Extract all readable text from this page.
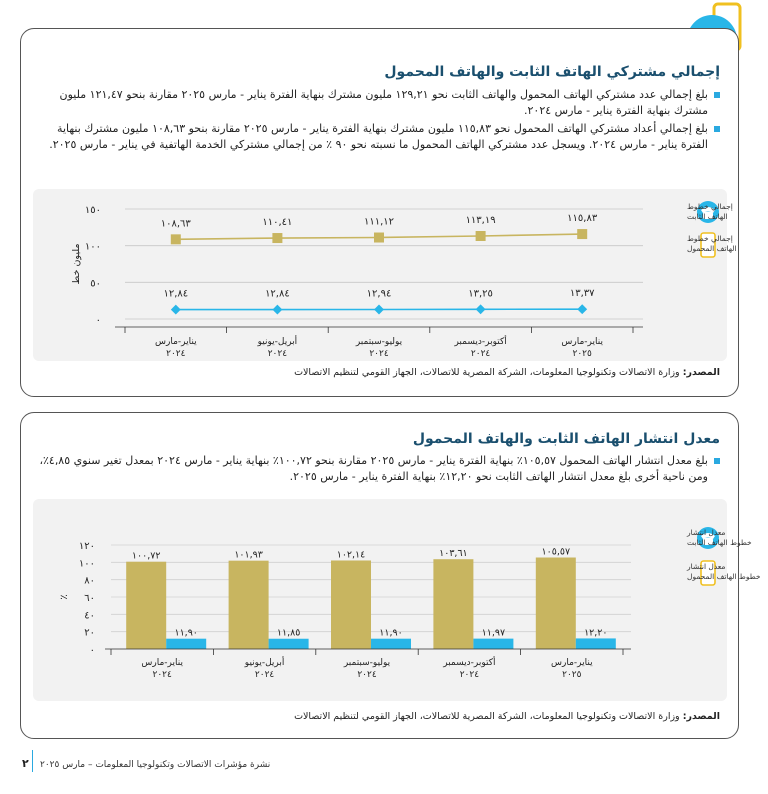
إجمالي مشتركي الهاتف الثابت والهاتف المحمول
بلغ إجمالي عدد مشتركي الهاتف المحمول والهاتف الثابت نحو ١٢٩,٢١ مليون مشترك بنهاية الفترة يناير - مارس ٢٠٢٥ مقارنة بنحو ١٢١,٤٧ مليون مشترك بنهاية الفترة يناير - مارس ٢٠٢٤.
بلغ إجمالي أعداد مشتركي الهاتف المحمول نحو ١١٥,٨٣ مليون مشترك بنهاية الفترة يناير - مارس ٢٠٢٥ مقارنة بنحو ١٠٨,٦٣ مليون مشترك بنهاية الفترة يناير - مارس ٢٠٢٤. ويسجل عدد مشتركي الهاتف المحمول ما نسبته نحو ٩٠ ٪ من إجمالي مشتركي الخدمة الهاتفية في يناير - مارس ٢٠٢٥.
٠
٥٠
١٠٠
١٥٠
مليون خط
١٠٨,٦٣	١١٠,٤١	١١١,١٢	١١٣,١٩	١١٥,٨٣
١٢,٨٤	١٢,٨٤	١٢,٩٤	١٣,٢٥	١٣,٣٧
يناير-مارس
٢٠٢٤
أبريل-يونيو
٢٠٢٤
يوليو-سبتمبر
٢٠٢٤
أكتوبر-ديسمبر
٢٠٢٤
يناير-مارس
٢٠٢٥
إجمالي خطوط الهاتف الثابت
إجمالي خطوط الهاتف المحمول
المصدر: وزارة الاتصالات وتكنولوجيا المعلومات، الشركة المصرية للاتصالات، الجهاز القومي لتنظيم الاتصالات
معدل انتشار الهاتف الثابت والهاتف المحمول
بلغ معدل انتشار الهاتف المحمول ١٠٥,٥٧٪ بنهاية الفترة يناير - مارس ٢٠٢٥ مقارنة بنحو ١٠٠,٧٢٪ بنهاية يناير - مارس ٢٠٢٤ بمعدل تغير سنوي ٤,٨٥٪، ومن ناحية أخرى بلغ معدل انتشار الهاتف الثابت نحو ١٢,٢٠٪ بنهاية الفترة يناير - مارس ٢٠٢٥.
٠
٢٠
٤٠
٦٠
٨٠
١٠٠
١٢٠
٪
١٠٠,٧٢	١٠١,٩٣	١٠٢,١٤	١٠٣,٦١	١٠٥,٥٧
١١,٩٠	١١,٨٥	١١,٩٠	١١,٩٧	١٢,٢٠
يناير-مارس
٢٠٢٤
أبريل-يونيو
٢٠٢٤
يوليو-سبتمبر
٢٠٢٤
أكتوبر-ديسمبر
٢٠٢٤
يناير-مارس
٢٠٢٥
معدل انتشار خطوط الهاتف الثابت
معدل انتشار خطوط الهاتف المحمول
المصدر: وزارة الاتصالات وتكنولوجيا المعلومات، الشركة المصرية للاتصالات، الجهاز القومي لتنظيم الاتصالات
٢ نشرة مؤشرات الاتصالات وتكنولوجيا المعلومات – مارس ٢٠٢٥
